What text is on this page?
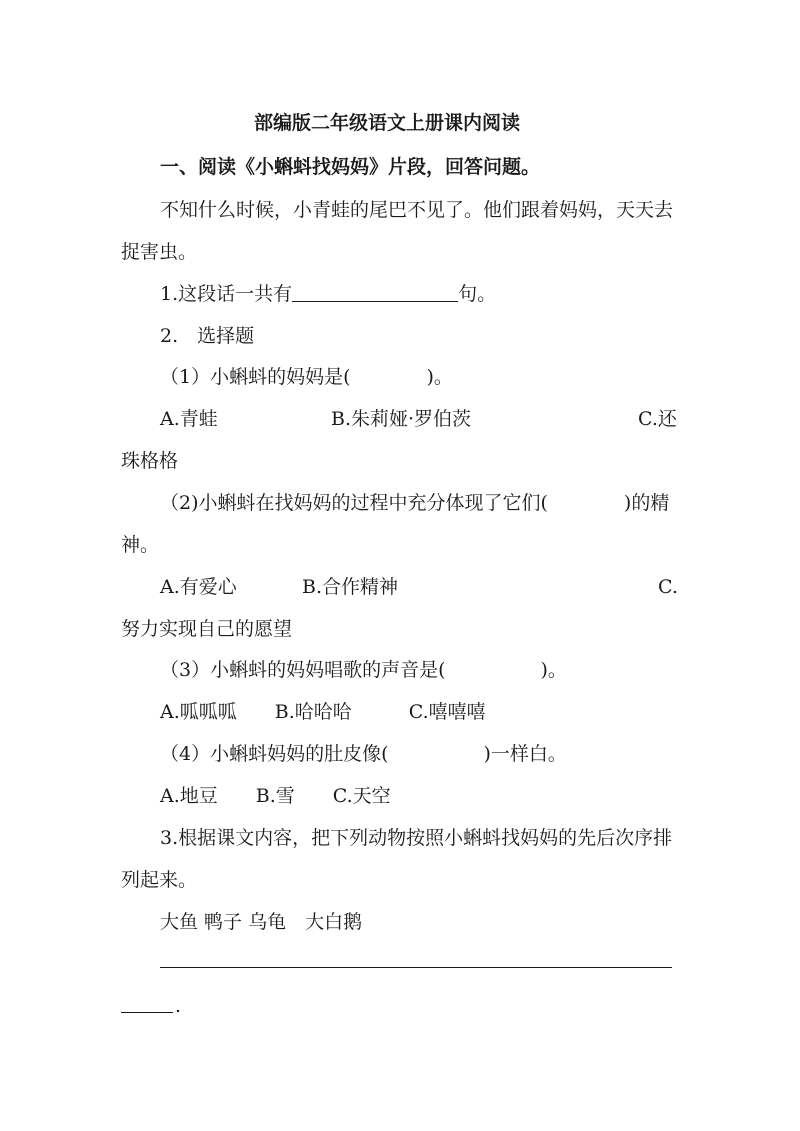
部编版二年级语文上册课内阅读
一、阅读《小蝌蚪找妈妈》片段，回答问题。
不知什么时候，小青蛙的尾巴不见了。他们跟着妈妈，天天去
捉害虫。
1.这段话一共有	句。
2.　选择题
（1）小蝌蚪的妈妈是(　　　　)。
A.青蛙	B.朱莉娅·罗伯茨	C.还
珠格格
（2)小蝌蚪在找妈妈的过程中充分体现了它们(　　　　)的精
神。
A.有爱心	B.合作精神	C.
努力实现自己的愿望
（3）小蝌蚪的妈妈唱歌的声音是(　　　　　)。
A.呱呱呱　　B.哈哈哈　　　C.嘻嘻嘻
（4）小蝌蚪妈妈的肚皮像(　　　　　)一样白。
A.地豆　　B.雪　　C.天空
3.根据课文内容，把下列动物按照小蝌蚪找妈妈的先后次序排
列起来。
大鱼 鸭子 乌龟　大白鹅
.
